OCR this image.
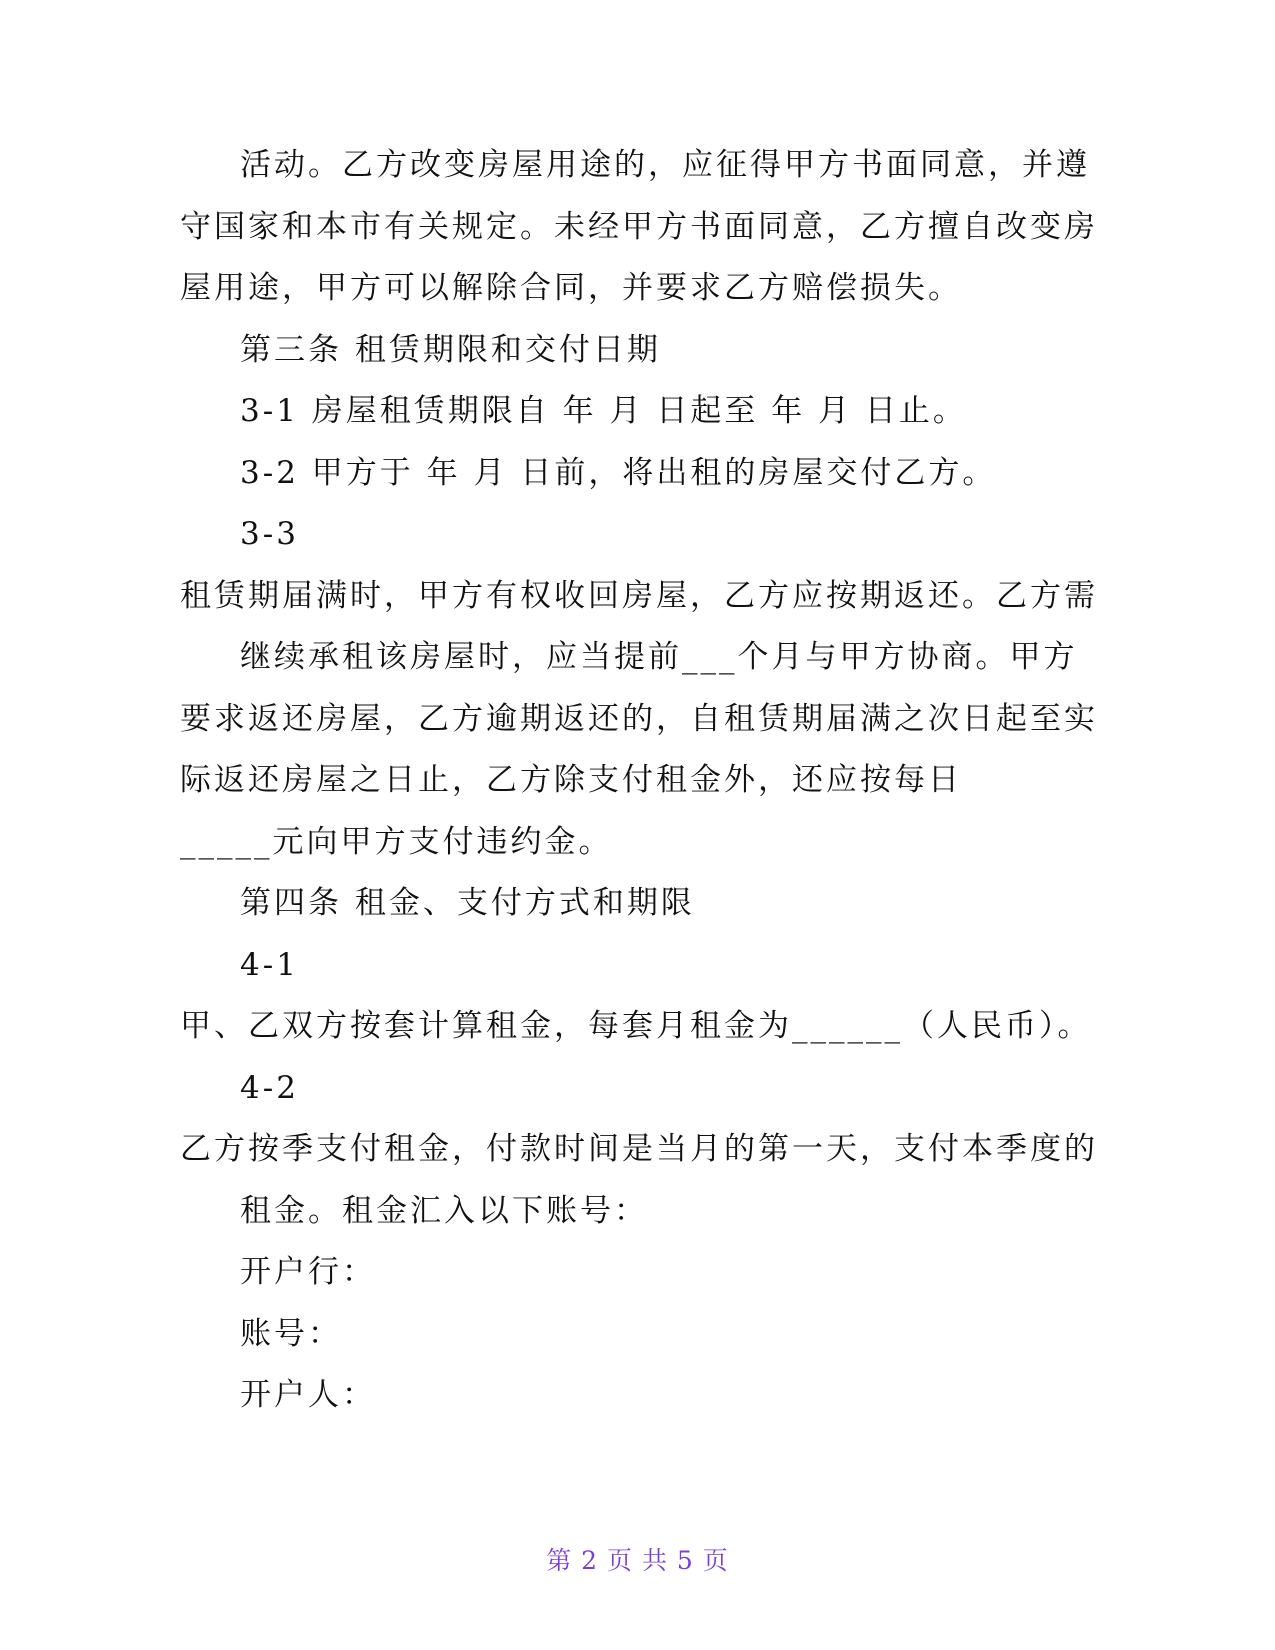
活动。乙方改变房屋用途的，应征得甲方书面同意，并遵
守国家和本市有关规定。未经甲方书面同意，乙方擅自改变房
屋用途，甲方可以解除合同，并要求乙方赔偿损失。
第三条 租赁期限和交付日期
3-1 房屋租赁期限自 年 月 日起至 年 月 日止。
3-2 甲方于 年 月 日前，将出租的房屋交付乙方。
3-3
租赁期届满时，甲方有权收回房屋，乙方应按期返还。乙方需
继续承租该房屋时，应当提前___个月与甲方协商。甲方
要求返还房屋，乙方逾期返还的，自租赁期届满之次日起至实
际返还房屋之日止，乙方除支付租金外，还应按每日
_____元向甲方支付违约金。
第四条 租金、支付方式和期限
4-1
甲、乙双方按套计算租金，每套月租金为______（人民币）。
4-2
乙方按季支付租金，付款时间是当月的第一天，支付本季度的
租金。租金汇入以下账号：
开户行：
账号：
开户人：
第 2 页 共 5 页
